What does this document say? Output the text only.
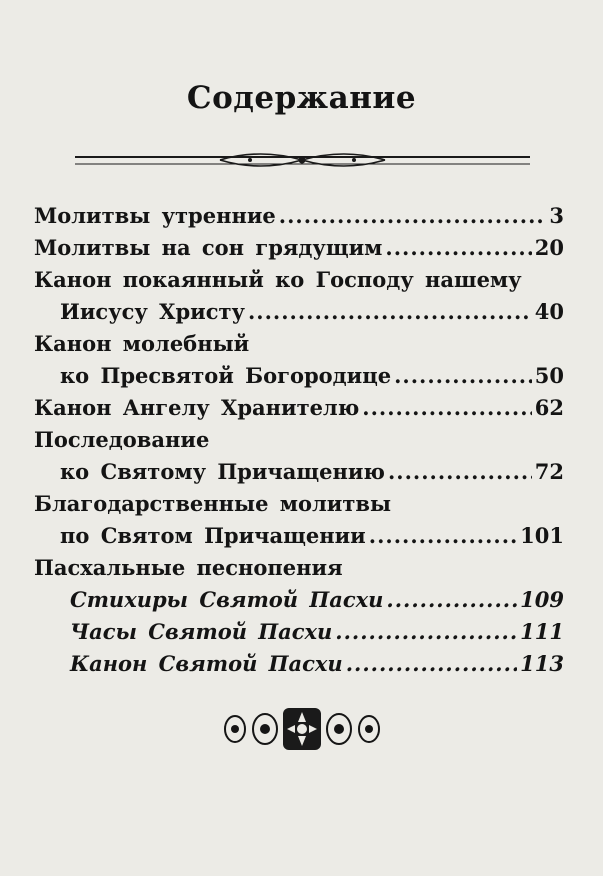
Содержание
Молитвы утренние .....	3
Молитвы на сон грядущим .....	20
Канон покаянный ко Господу нашему
Иисусу Христу .....	40
Канон молебный
ко Пресвятой Богородице .....	50
Канон Ангелу Хранителю .....	62
Последование
ко Святому Причащению .....	72
Благодарственные молитвы
по Святом Причащении .....	101
Пасхальные песнопения
Стихиры Святой Пасхи .....	109
Часы Святой Пасхи .....	111
Канон Святой Пасхи .....	113
